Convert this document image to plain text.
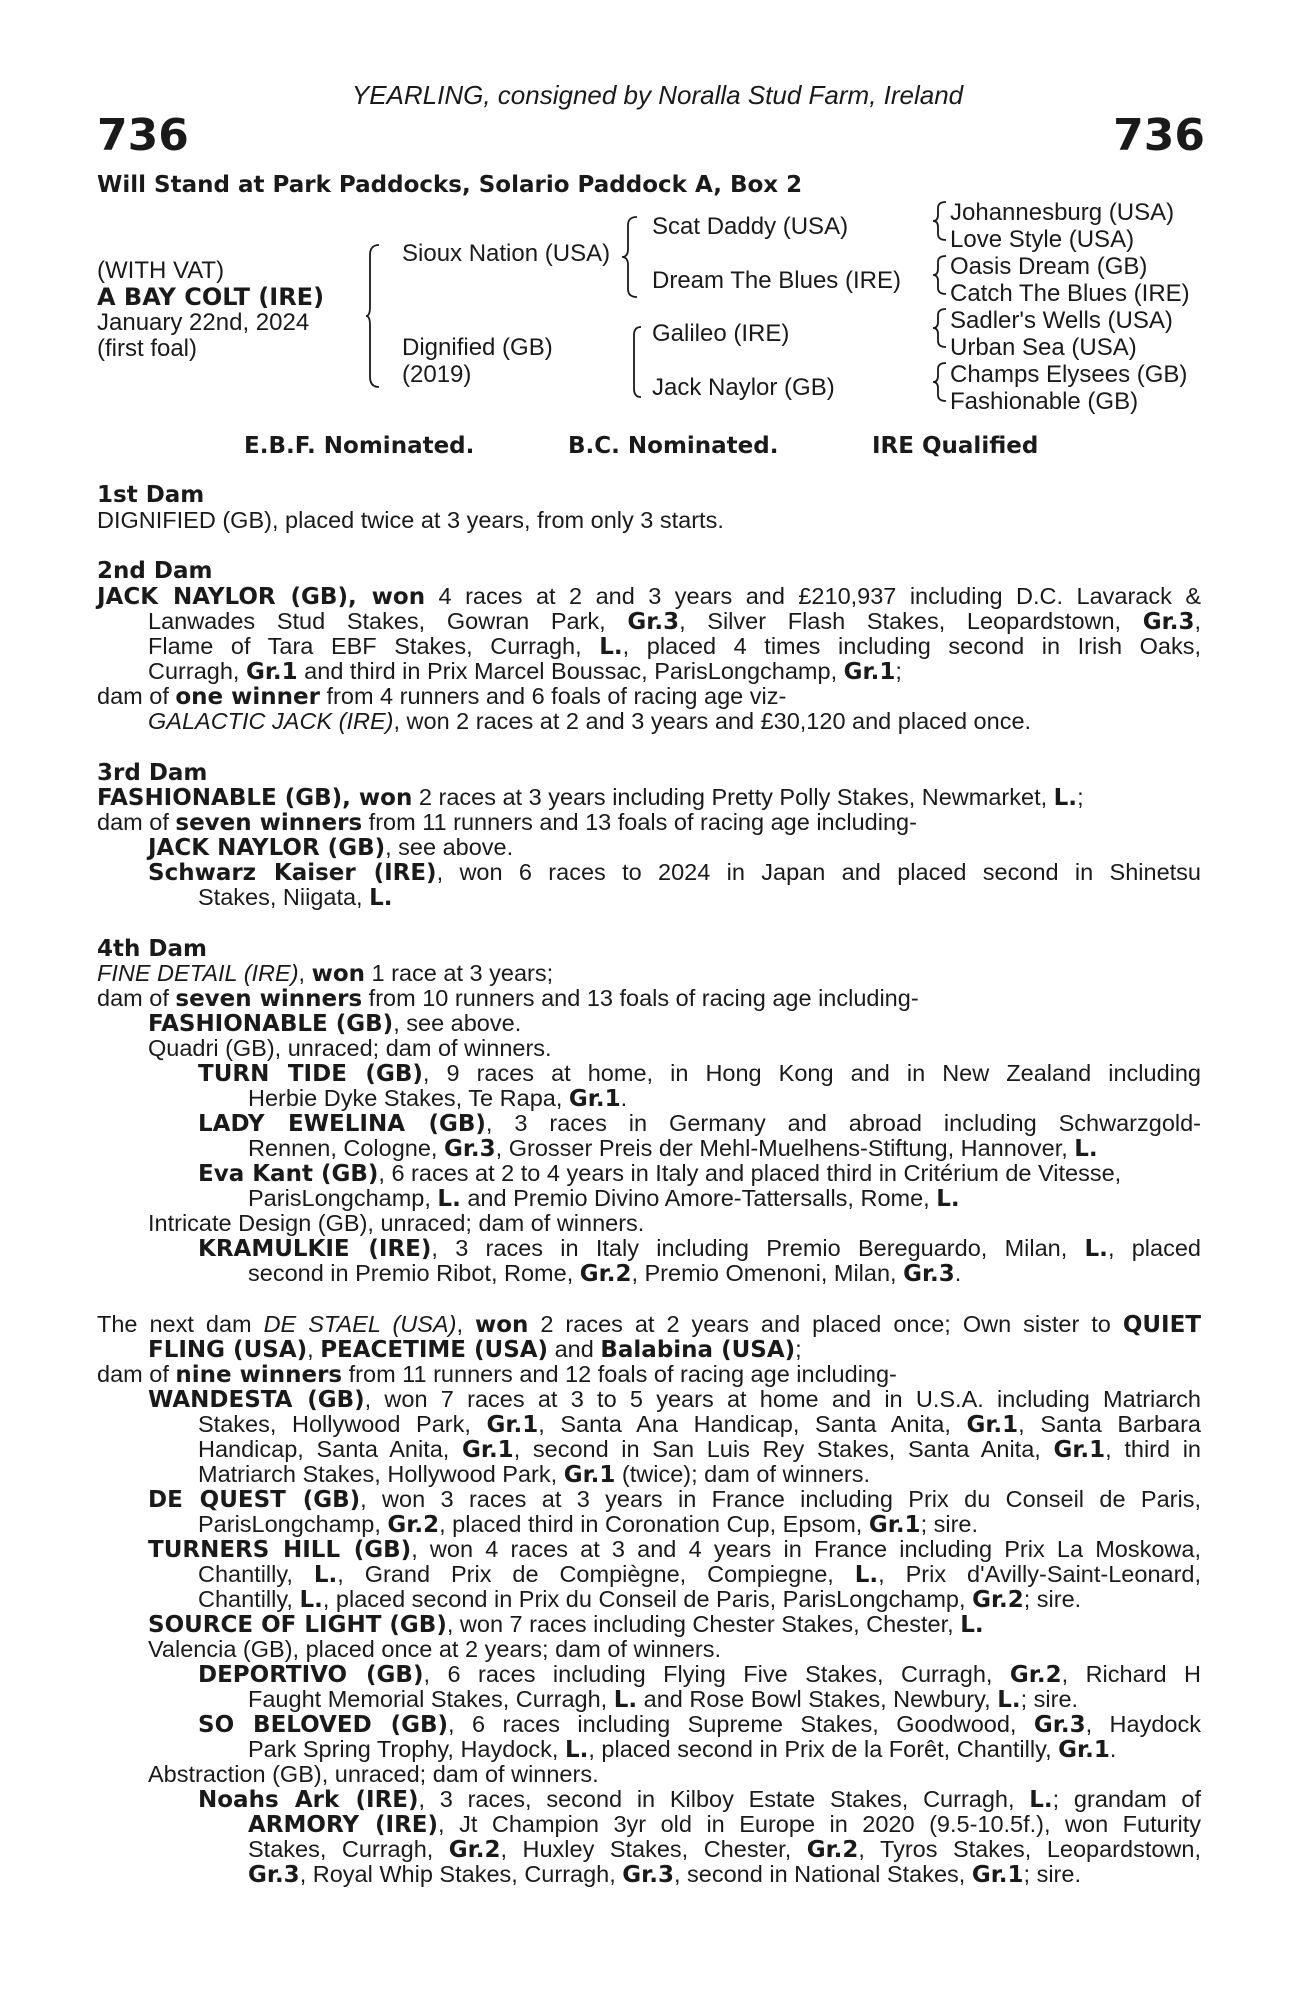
736	736
YEARLING, consigned by Noralla Stud Farm, Ireland
Will Stand at Park Paddocks, Solario Paddock A, Box 2
(WITH VAT)
A BAY COLT (IRE)
January 22nd, 2024
(first foal)
Sioux Nation (USA)
Dignified (GB)
(2019)
Scat Daddy (USA)
Dream The Blues (IRE)
Galileo (IRE)
Jack Naylor (GB)
Johannesburg (USA)
Love Style (USA)
Oasis Dream (GB)
Catch The Blues (IRE)
Sadler's Wells (USA)
Urban Sea (USA)
Champs Elysees (GB)
Fashionable (GB)
E.B.F. Nominated.	B.C. Nominated.	IRE Qualified
1st Dam
DIGNIFIED (GB), placed twice at 3 years, from only 3 starts.
2nd Dam
JACK NAYLOR (GB), won 4 races at 2 and 3 years and £210,937 including D.C. Lavarack &
Lanwades Stud Stakes, Gowran Park, Gr.3, Silver Flash Stakes, Leopardstown, Gr.3,
Flame of Tara EBF Stakes, Curragh, L., placed 4 times including second in Irish Oaks,
Curragh, Gr.1 and third in Prix Marcel Boussac, ParisLongchamp, Gr.1;
dam of one winner from 4 runners and 6 foals of racing age viz-
GALACTIC JACK (IRE), won 2 races at 2 and 3 years and £30,120 and placed once.
3rd Dam
FASHIONABLE (GB), won 2 races at 3 years including Pretty Polly Stakes, Newmarket, L.;
dam of seven winners from 11 runners and 13 foals of racing age including-
JACK NAYLOR (GB), see above.
Schwarz Kaiser (IRE), won 6 races to 2024 in Japan and placed second in Shinetsu
Stakes, Niigata, L.
4th Dam
FINE DETAIL (IRE), won 1 race at 3 years;
dam of seven winners from 10 runners and 13 foals of racing age including-
FASHIONABLE (GB), see above.
Quadri (GB), unraced; dam of winners.
TURN TIDE (GB), 9 races at home, in Hong Kong and in New Zealand including
Herbie Dyke Stakes, Te Rapa, Gr.1.
LADY EWELINA (GB), 3 races in Germany and abroad including Schwarzgold-
Rennen, Cologne, Gr.3, Grosser Preis der Mehl-Muelhens-Stiftung, Hannover, L.
Eva Kant (GB), 6 races at 2 to 4 years in Italy and placed third in Critérium de Vitesse,
ParisLongchamp, L. and Premio Divino Amore-Tattersalls, Rome, L.
Intricate Design (GB), unraced; dam of winners.
KRAMULKIE (IRE), 3 races in Italy including Premio Bereguardo, Milan, L., placed
second in Premio Ribot, Rome, Gr.2, Premio Omenoni, Milan, Gr.3.
The next dam DE STAEL (USA), won 2 races at 2 years and placed once; Own sister to QUIET
FLING (USA), PEACETIME (USA) and Balabina (USA);
dam of nine winners from 11 runners and 12 foals of racing age including-
WANDESTA (GB), won 7 races at 3 to 5 years at home and in U.S.A. including Matriarch
Stakes, Hollywood Park, Gr.1, Santa Ana Handicap, Santa Anita, Gr.1, Santa Barbara
Handicap, Santa Anita, Gr.1, second in San Luis Rey Stakes, Santa Anita, Gr.1, third in
Matriarch Stakes, Hollywood Park, Gr.1 (twice); dam of winners.
DE QUEST (GB), won 3 races at 3 years in France including Prix du Conseil de Paris,
ParisLongchamp, Gr.2, placed third in Coronation Cup, Epsom, Gr.1; sire.
TURNERS HILL (GB), won 4 races at 3 and 4 years in France including Prix La Moskowa,
Chantilly, L., Grand Prix de Compiègne, Compiegne, L., Prix d'Avilly-Saint-Leonard,
Chantilly, L., placed second in Prix du Conseil de Paris, ParisLongchamp, Gr.2; sire.
SOURCE OF LIGHT (GB), won 7 races including Chester Stakes, Chester, L.
Valencia (GB), placed once at 2 years; dam of winners.
DEPORTIVO (GB), 6 races including Flying Five Stakes, Curragh, Gr.2, Richard H
Faught Memorial Stakes, Curragh, L. and Rose Bowl Stakes, Newbury, L.; sire.
SO BELOVED (GB), 6 races including Supreme Stakes, Goodwood, Gr.3, Haydock
Park Spring Trophy, Haydock, L., placed second in Prix de la Forêt, Chantilly, Gr.1.
Abstraction (GB), unraced; dam of winners.
Noahs Ark (IRE), 3 races, second in Kilboy Estate Stakes, Curragh, L.; grandam of
ARMORY (IRE), Jt Champion 3yr old in Europe in 2020 (9.5-10.5f.), won Futurity
Stakes, Curragh, Gr.2, Huxley Stakes, Chester, Gr.2, Tyros Stakes, Leopardstown,
Gr.3, Royal Whip Stakes, Curragh, Gr.3, second in National Stakes, Gr.1; sire.
